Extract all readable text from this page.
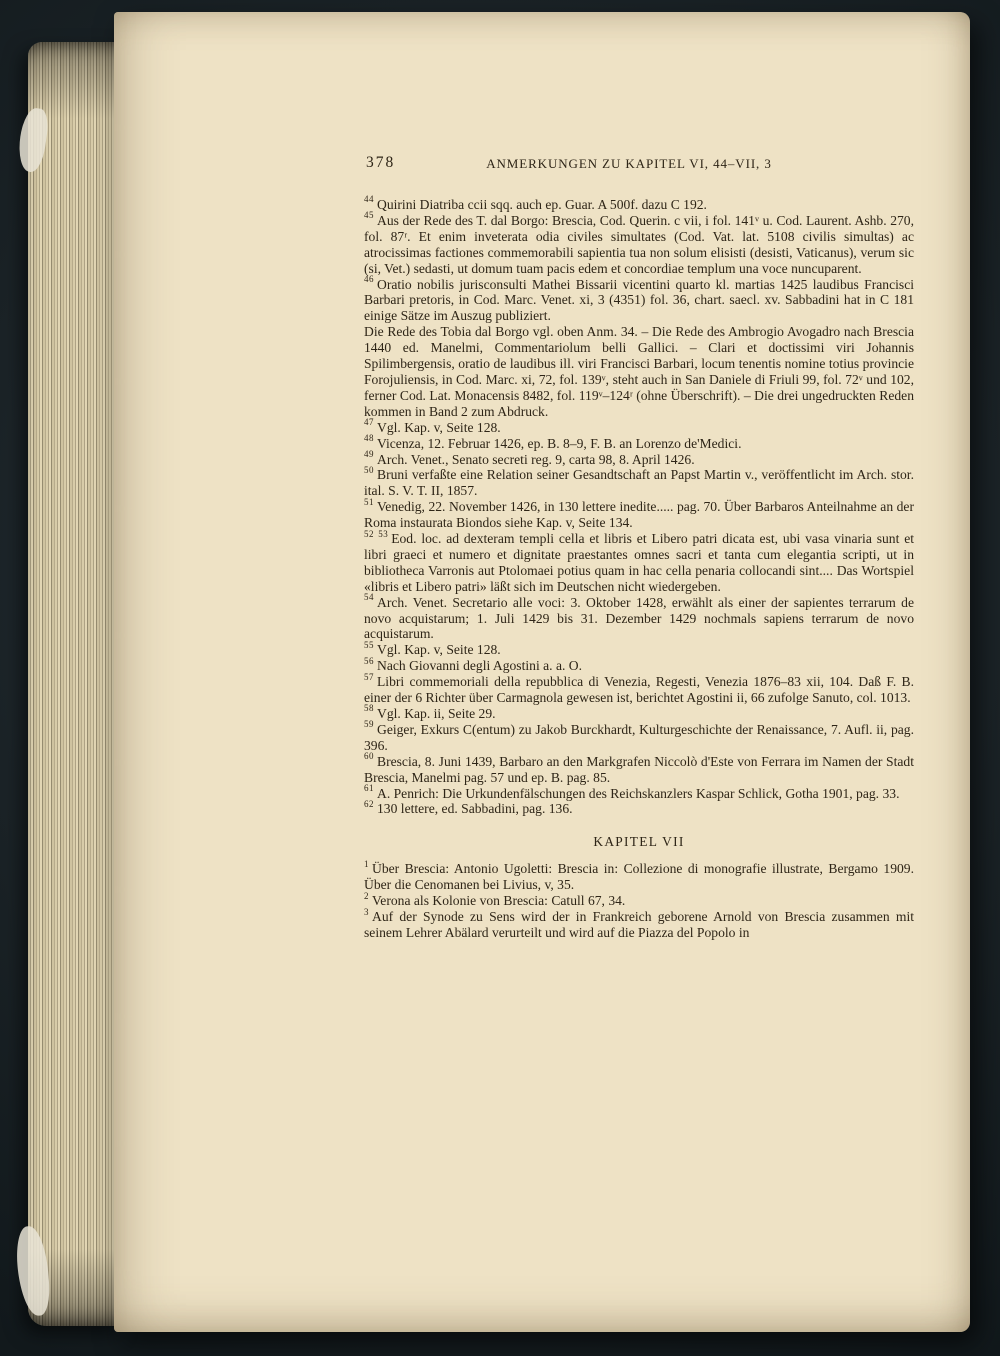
378	ANMERKUNGEN ZU KAPITEL VI, 44–VII, 3

$^{44}$ Quirini Diatriba ccii sqq. auch ep. Guar. A 500f. dazu C 192.

$^{45}$ Aus der Rede des T. dal Borgo: Brescia, Cod. Querin. c vii, i fol. 141ᵛ u. Cod. Laurent. Ashb. 270, fol. 87ʳ. Et enim inveterata odia civiles simultates (Cod. Vat. lat. 5108 civilis simultas) ac atrocissimas factiones commemorabili sapientia tua non solum elisisti (desisti, Vaticanus), verum sic (si, Vet.) sedasti, ut domum tuam pacis edem et concordiae templum una voce nuncuparent.

$^{46}$ Oratio nobilis jurisconsulti Mathei Bissarii vicentini quarto kl. martias 1425 laudibus Francisci Barbari pretoris, in Cod. Marc. Venet. xi, 3 (4351) fol. 36, chart. saecl. xv. Sabbadini hat in C 181 einige Sätze im Auszug publiziert.

Die Rede des Tobia dal Borgo vgl. oben Anm. 34. – Die Rede des Ambrogio Avogadro nach Brescia 1440 ed. Manelmi, Commentariolum belli Gallici. – Clari et doctissimi viri Johannis Spilimbergensis, oratio de laudibus ill. viri Francisci Barbari, locum tenentis nomine totius provincie Forojuliensis, in Cod. Marc. xi, 72, fol. 139ᵛ, steht auch in San Daniele di Friuli 99, fol. 72ᵛ und 102, ferner Cod. Lat. Monacensis 8482, fol. 119ᵛ–124ʳ (ohne Überschrift). – Die drei ungedruckten Reden kommen in Band 2 zum Abdruck.

$^{47}$ Vgl. Kap. v, Seite 128.

$^{48}$ Vicenza, 12. Februar 1426, ep. B. 8–9, F. B. an Lorenzo de'Medici.

$^{49}$ Arch. Venet., Senato secreti reg. 9, carta 98, 8. April 1426.

$^{50}$ Bruni verfaßte eine Relation seiner Gesandtschaft an Papst Martin v., veröffentlicht im Arch. stor. ital. S. V. T. II, 1857.

$^{51}$ Venedig, 22. November 1426, in 130 lettere inedite..... pag. 70. Über Barbaros Anteilnahme an der Roma instaurata Biondos siehe Kap. v, Seite 134.

$^{52 53}$ Eod. loc. ad dexteram templi cella et libris et Libero patri dicata est, ubi vasa vinaria sunt et libri graeci et numero et dignitate praestantes omnes sacri et tanta cum elegantia scripti, ut in bibliotheca Varronis aut Ptolomaei potius quam in hac cella penaria collocandi sint.... Das Wortspiel «libris et Libero patri» läßt sich im Deutschen nicht wiedergeben.

$^{54}$ Arch. Venet. Secretario alle voci: 3. Oktober 1428, erwählt als einer der sapientes terrarum de novo acquistarum; 1. Juli 1429 bis 31. Dezember 1429 nochmals sapiens terrarum de novo acquistarum.

$^{55}$ Vgl. Kap. v, Seite 128.

$^{56}$ Nach Giovanni degli Agostini a. a. O.

$^{57}$ Libri commemoriali della repubblica di Venezia, Regesti, Venezia 1876–83 xii, 104. Daß F. B. einer der 6 Richter über Carmagnola gewesen ist, berichtet Agostini ii, 66 zufolge Sanuto, col. 1013.

$^{58}$ Vgl. Kap. ii, Seite 29.

$^{59}$ Geiger, Exkurs C(entum) zu Jakob Burckhardt, Kulturgeschichte der Renaissance, 7. Aufl. ii, pag. 396.

$^{60}$ Brescia, 8. Juni 1439, Barbaro an den Markgrafen Niccolò d'Este von Ferrara im Namen der Stadt Brescia, Manelmi pag. 57 und ep. B. pag. 85.

$^{61}$ A. Penrich: Die Urkundenfälschungen des Reichskanzlers Kaspar Schlick, Gotha 1901, pag. 33.

$^{62}$ 130 lettere, ed. Sabbadini, pag. 136.

KAPITEL VII

$^1$ Über Brescia: Antonio Ugoletti: Brescia in: Collezione di monografie illustrate, Bergamo 1909. Über die Cenomanen bei Livius, v, 35.

$^2$ Verona als Kolonie von Brescia: Catull 67, 34.

$^3$ Auf der Synode zu Sens wird der in Frankreich geborene Arnold von Brescia zusammen mit seinem Lehrer Abälard verurteilt und wird auf die Piazza del Popolo in
